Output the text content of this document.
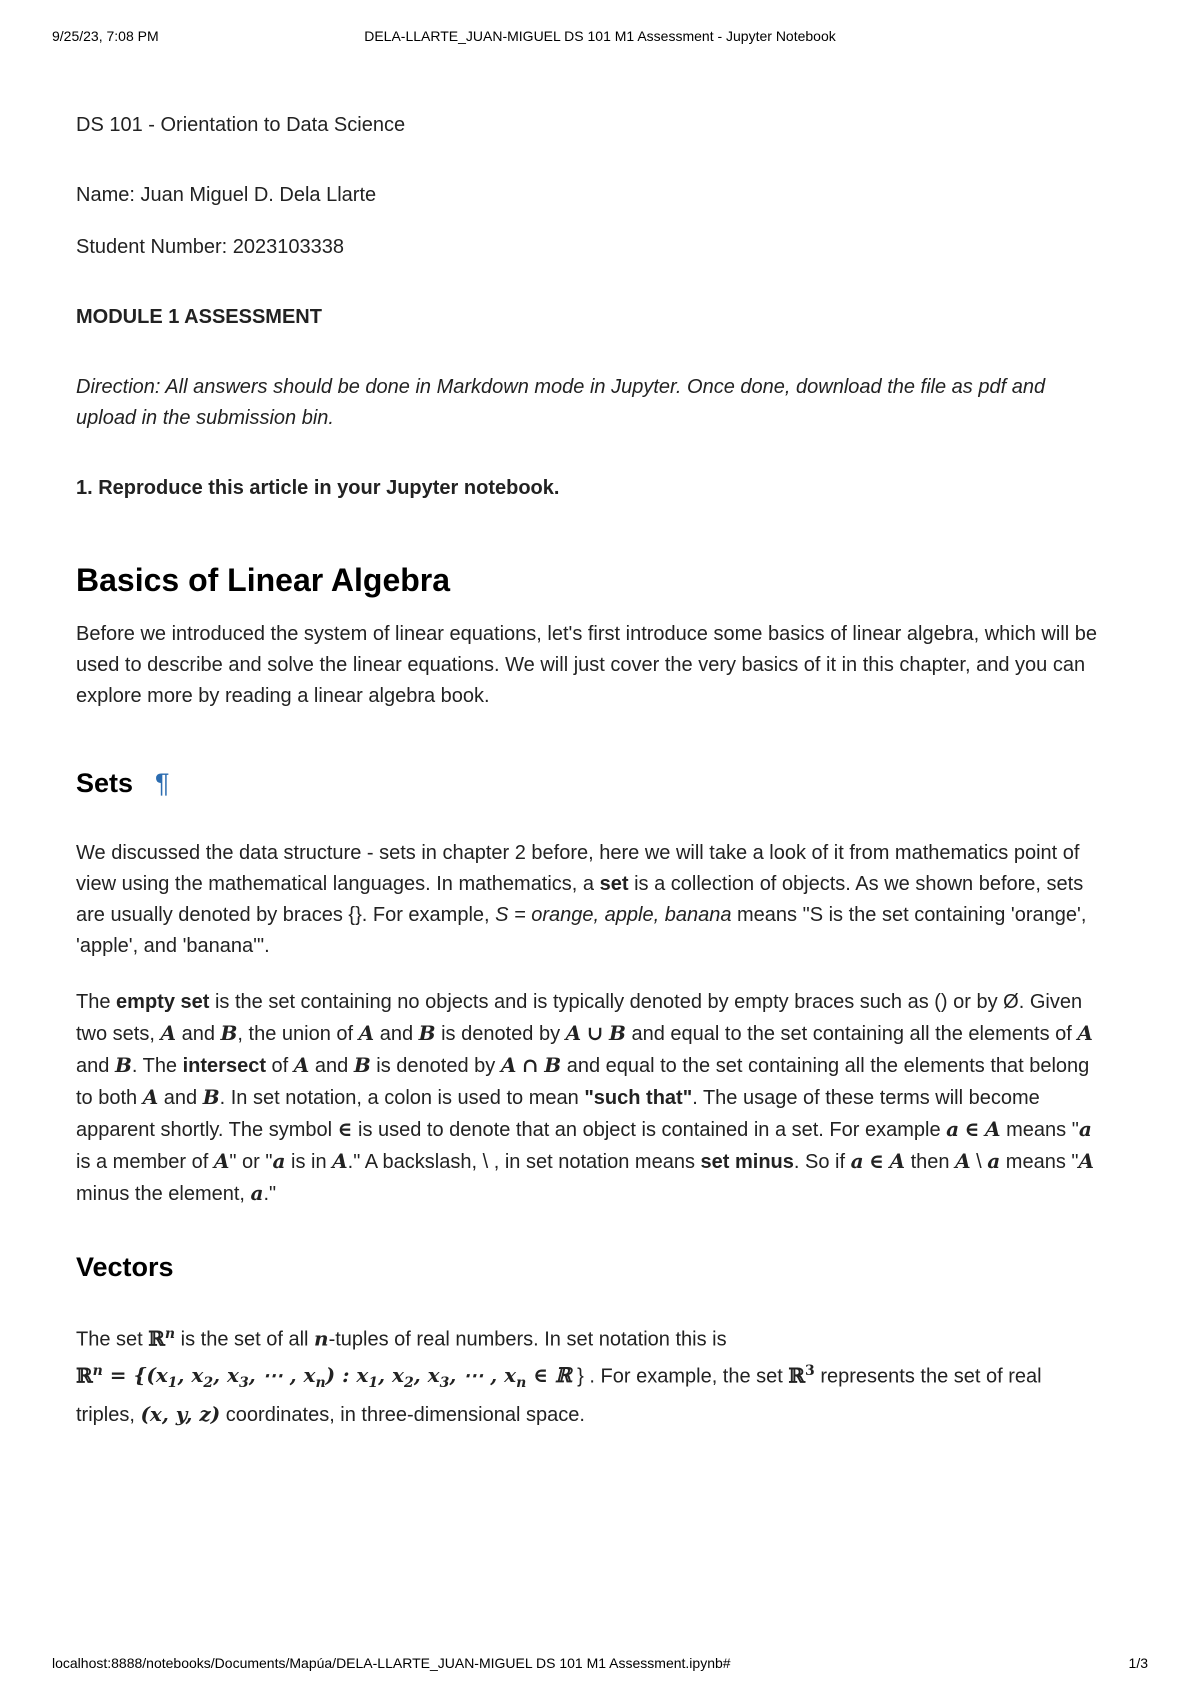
9/25/23, 7:08 PM	DELA-LLARTE_JUAN-MIGUEL DS 101 M1 Assessment - Jupyter Notebook

DS 101 - Orientation to Data Science

Name: Juan Miguel D. Dela Llarte

Student Number: 2023103338

MODULE 1 ASSESSMENT

Direction: All answers should be done in Markdown mode in Jupyter. Once done, download the file as pdf and upload in the submission bin.

1. Reproduce this article in your Jupyter notebook.

Basics of Linear Algebra

Before we introduced the system of linear equations, let's first introduce some basics of linear algebra, which will be used to describe and solve the linear equations. We will just cover the very basics of it in this chapter, and you can explore more by reading a linear algebra book.

Sets ¶

We discussed the data structure - sets in chapter 2 before, here we will take a look of it from mathematics point of view using the mathematical languages. In mathematics, a set is a collection of objects. As we shown before, sets are usually denoted by braces {}. For example, S = orange, apple, banana means "S is the set containing 'orange', 'apple', and 'banana'".

The empty set is the set containing no objects and is typically denoted by empty braces such as () or by Ø. Given two sets, A and B, the union of A and B is denoted by A ∪ B and equal to the set containing all the elements of A and B. The intersect of A and B is denoted by A ∩ B and equal to the set containing all the elements that belong to both A and B. In set notation, a colon is used to mean "such that". The usage of these terms will become apparent shortly. The symbol ∈ is used to denote that an object is contained in a set. For example a ∈ A means "a is a member of A" or "a is in A." A backslash, \ , in set notation means set minus. So if a ∈ A then A \ a means "A minus the element, a."

Vectors

The set ℝ$^n$ is the set of all n-tuples of real numbers. In set notation this is
ℝ$^n$ = {($x_1$, $x_2$, $x_3$, ⋯ , $x_n$) : $x_1$, $x_2$, $x_3$, ⋯ , $x_n$ ∈ ℝ } . For example, the set ℝ$^3$ represents the set of real triples, (x, y, z) coordinates, in three-dimensional space.

localhost:8888/notebooks/Documents/Mapúa/DELA-LLARTE_JUAN-MIGUEL DS 101 M1 Assessment.ipynb#	1/3
